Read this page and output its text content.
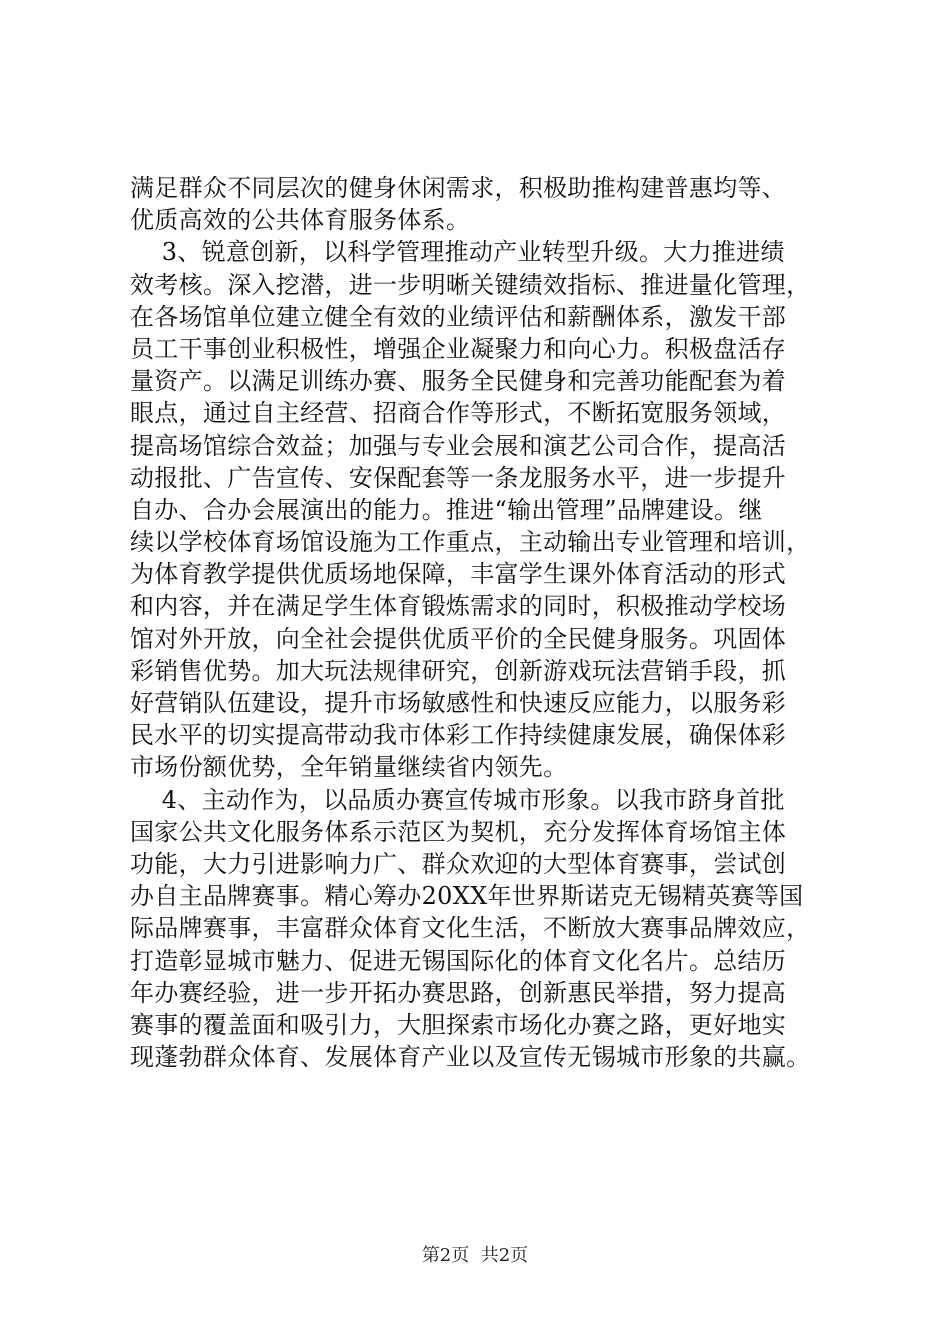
满足群众不同层次的健身休闲需求，积极助推构建普惠均等、
优质高效的公共体育服务体系。
3、锐意创新，以科学管理推动产业转型升级。大力推进绩
效考核。深入挖潜，进一步明晰关键绩效指标、推进量化管理，
在各场馆单位建立健全有效的业绩评估和薪酬体系，激发干部
员工干事创业积极性，增强企业凝聚力和向心力。积极盘活存
量资产。以满足训练办赛、服务全民健身和完善功能配套为着
眼点，通过自主经营、招商合作等形式，不断拓宽服务领域，
提高场馆综合效益；加强与专业会展和演艺公司合作，提高活
动报批、广告宣传、安保配套等一条龙服务水平，进一步提升
自办、合办会展演出的能力。推进“输出管理”品牌建设。继
续以学校体育场馆设施为工作重点，主动输出专业管理和培训，
为体育教学提供优质场地保障，丰富学生课外体育活动的形式
和内容，并在满足学生体育锻炼需求的同时，积极推动学校场
馆对外开放，向全社会提供优质平价的全民健身服务。巩固体
彩销售优势。加大玩法规律研究，创新游戏玩法营销手段，抓
好营销队伍建设，提升市场敏感性和快速反应能力，以服务彩
民水平的切实提高带动我市体彩工作持续健康发展，确保体彩
市场份额优势，全年销量继续省内领先。
4、主动作为，以品质办赛宣传城市形象。以我市跻身首批
国家公共文化服务体系示范区为契机，充分发挥体育场馆主体
功能，大力引进影响力广、群众欢迎的大型体育赛事，尝试创
办自主品牌赛事。精心筹办20XX年世界斯诺克无锡精英赛等国
际品牌赛事，丰富群众体育文化生活，不断放大赛事品牌效应，
打造彰显城市魅力、促进无锡国际化的体育文化名片。总结历
年办赛经验，进一步开拓办赛思路，创新惠民举措，努力提高
赛事的覆盖面和吸引力，大胆探索市场化办赛之路，更好地实
现蓬勃群众体育、发展体育产业以及宣传无锡城市形象的共赢。
第2页  共2页
